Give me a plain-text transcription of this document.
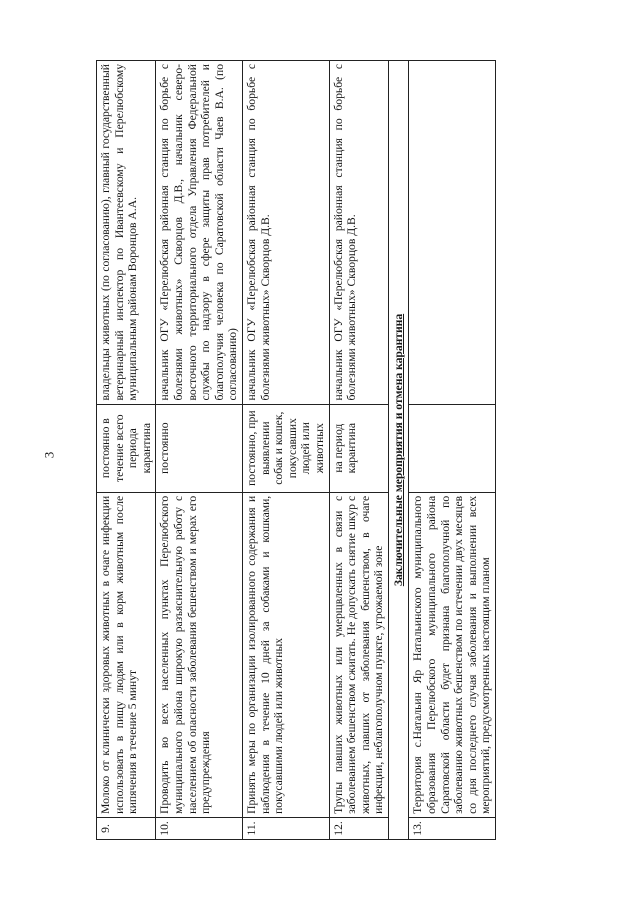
3
9.	Молоко от клинически здоровых животных в очаге инфекции использовать в пищу людям или в корм животным после кипячения в течение 5 минут	постоянно в течение всего периода карантина	владельцы животных (по согласованию), главный государственный ветеринарный инспектор по Ивантеевскому и Перелюбскому муниципальным районам Воронцов А.А.
10.	Проводить во всех населенных пунктах Перелюбского муниципального района широкую разъяснительную работу с населением об опасности заболевания бешенством и мерах его предупреждения	постоянно	начальник ОГУ «Перелюбская районная станция по борьбе с болезнями животных» Скворцов Д.В., начальник северо-восточного территориального отдела Управления Федеральной службы по надзору в сфере защиты прав потребителей и благополучия человека по Саратовской области Чаев В.А. (по согласованию)
11.	Принять меры по организации изолированного содержания и наблюдения в течение 10 дней за собаками и кошками, покусавшими людей или животных	постоянно, при выявлении собак и кошек, покусавших людей или животных	начальник ОГУ «Перелюбская районная станция по борьбе с болезнями животных» Скворцов Д.В.
12.	Трупы павших животных или умерщвленных в связи с заболеванием бешенством сжигать. Не допускать снятие шкур с животных, павших от заболевания бешенством, в очаге инфекции, неблагополучном пункте, угрожаемой зоне	на период карантина	начальник ОГУ «Перелюбская районная станция по борьбе с болезнями животных» Скворцов Д.В.
Заключительные мероприятия и отмена карантина			
13.	Территория с.Натальин Яр Натальинского муниципального образования Перелюбского муниципального района Саратовской области будет признана благополучной по заболеванию животных бешенством по истечении двух месяцев со дня последнего случая заболевания и выполнении всех мероприятий, предусмотренных настоящим планом		
